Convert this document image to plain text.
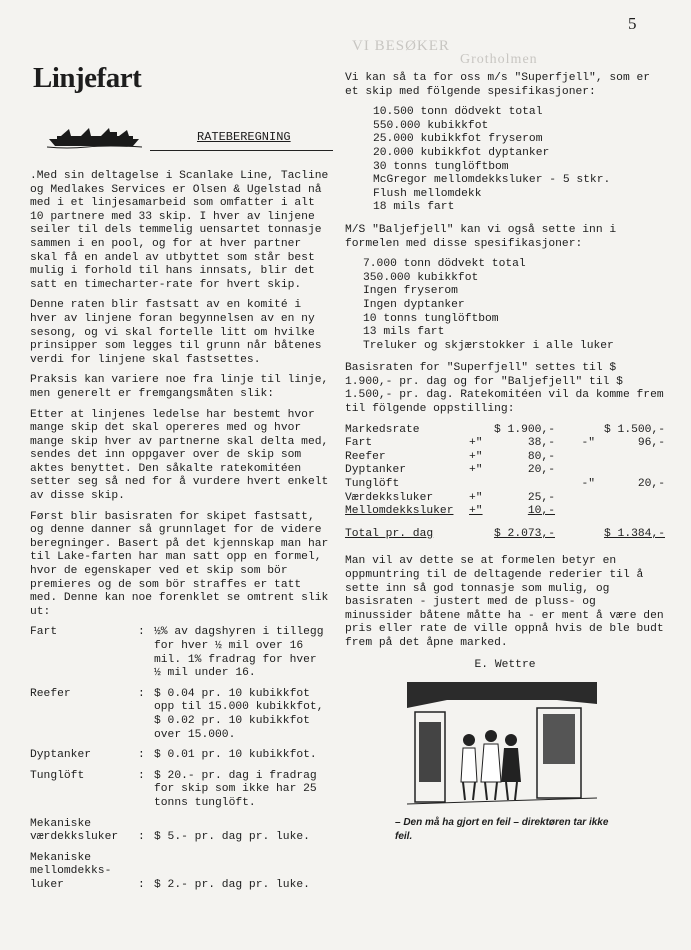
5
VI BESØKER
Grotholmen
Linjefart
RATEBEREGNING

.Med sin deltagelse i Scanlake Line, Tacline og Medlakes Services er Olsen & Ugelstad nå med i et linjesamarbeid som omfatter i alt 10 partnere med 33 skip. I hver av linjene seiler til dels temmelig uensartet tonnasje sammen i en pool, og for at hver partner skal få en andel av utbyttet som står best mulig i forhold til hans innsats, blir det satt en timecharter-rate for hvert skip.

Denne raten blir fastsatt av en komité i hver av linjene foran begynnelsen av en ny sesong, og vi skal fortelle litt om hvilke prinsipper som legges til grunn når båtenes verdi for linjene skal fastsettes.

Praksis kan variere noe fra linje til linje, men generelt er fremgangsmåten slik:

Etter at linjenes ledelse har bestemt hvor mange skip det skal opereres med og hvor mange skip hver av partnerne skal delta med, sendes det inn oppgaver over de skip som aktes benyttet. Den såkalte ratekomitéen setter seg så ned for å vurdere hvert enkelt av disse skip.

Først blir basisraten for skipet fastsatt, og denne danner så grunnlaget for de videre beregninger. Basert på det kjennskap man har til Lake-farten har man satt opp en formel, hvor de egenskaper ved et skip som bör premieres og de som bör straffes er tatt med. Denne kan noe forenklet se omtrent slik ut:

Fart	: ½% av dagshyren i tillegg for hver ½ mil over 16 mil. 1% fradrag for hver ½ mil under 16.
Reefer	: $ 0.04 pr. 10 kubikkfot opp til 15.000 kubikkfot, $ 0.02 pr. 10 kubikkfot over 15.000.
Dyptanker	: $ 0.01 pr. 10 kubikkfot.
Tunglöft	: $ 20.- pr. dag i fradrag for skip som ikke har 25 tonns tunglöft.
Mekaniske værdekksluker : $ 5.- pr. dag pr. luke.
Mekaniske mellomdekks-luker	: $ 2.- pr. dag pr. luke.

Vi kan så ta for oss m/s "Superfjell", som er et skip med fölgende spesifikasjoner:

10.500 tonn dödvekt total
550.000 kubikkfot
25.000 kubikkfot fryserom
20.000 kubikkfot dyptanker
30 tonns tunglöftbom
McGregor mellomdekksluker - 5 stkr.
Flush mellomdekk
18 mils fart

M/S "Baljefjell" kan vi også sette inn i formelen med disse spesifikasjoner:

7.000 tonn dödvekt total
350.000 kubikkfot
Ingen fryserom
Ingen dyptanker
10 tonns tunglöftbom
13 mils fart
Treluker og skjærstokker i alle luker

Basisraten for "Superfjell" settes til $ 1.900,- pr. dag og for "Baljefjell" til $ 1.500,- pr. dag. Ratekomitéen vil da komme frem til fölgende oppstilling:

Markedsrate		$ 1.900,-		$ 1.500,-
Fart	+"	38,-	-"	96,-
Reefer	+"	80,-		
Dyptanker	+"	20,-		
Tunglöft			-"	20,-
Værdekksluker	+"	25,-		
Mellomdekksluker	+"	10,-		

Total pr. dag		$ 2.073,-		$ 1.384,-

Man vil av dette se at formelen betyr en oppmuntring til de deltagende rederier til å sette inn så god tonnasje som mulig, og basisraten - justert med de pluss- og minussider båtene måtte ha - er ment å være den pris eller rate de ville oppnå hvis de ble budt frem på det åpne marked.

E. Wettre
– Den må ha gjort en feil – direktøren tar ikke feil.
